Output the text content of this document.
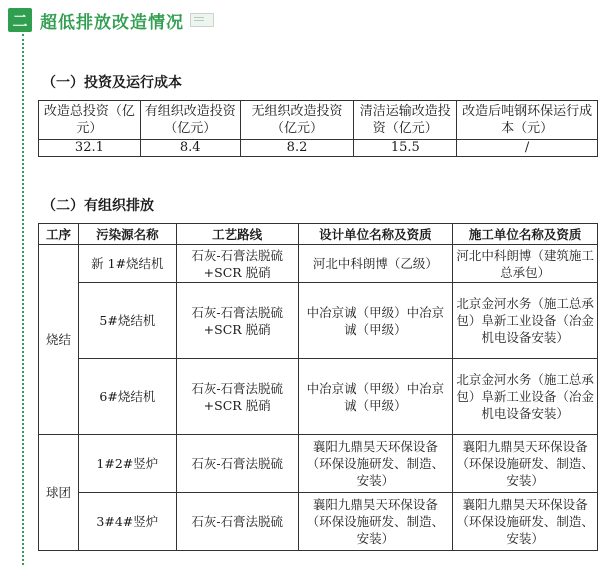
二 超低排放改造情况
（一）投资及运行成本
改造总投资（亿元）	有组织改造投资（亿元）	无组织改造投资（亿元）	清洁运输改造投资（亿元）	改造后吨钢环保运行成本（元）
32.1	8.4	8.2	15.5	/
（二）有组织排放
工序	污染源名称	工艺路线	设计单位名称及资质	施工单位名称及资质
烧结	新 1#烧结机	石灰-石膏法脱硫+SCR 脱硝	河北中科朗博（乙级）	河北中科朗博（建筑施工总承包）
	5#烧结机	石灰-石膏法脱硫+SCR 脱硝	中冶京诚（甲级）中冶京诚（甲级）	北京金河水务（施工总承包）阜新工业设备（冶金机电设备安装）
	6#烧结机	石灰-石膏法脱硫+SCR 脱硝	中冶京诚（甲级）中冶京诚（甲级）	北京金河水务（施工总承包）阜新工业设备（冶金机电设备安装）
球团	1#2#竖炉	石灰-石膏法脱硫	襄阳九鼎昊天环保设备（环保设施研发、制造、安装）	襄阳九鼎昊天环保设备（环保设施研发、制造、安装）
	3#4#竖炉	石灰-石膏法脱硫	襄阳九鼎昊天环保设备（环保设施研发、制造、安装）	襄阳九鼎昊天环保设备（环保设施研发、制造、安装）
